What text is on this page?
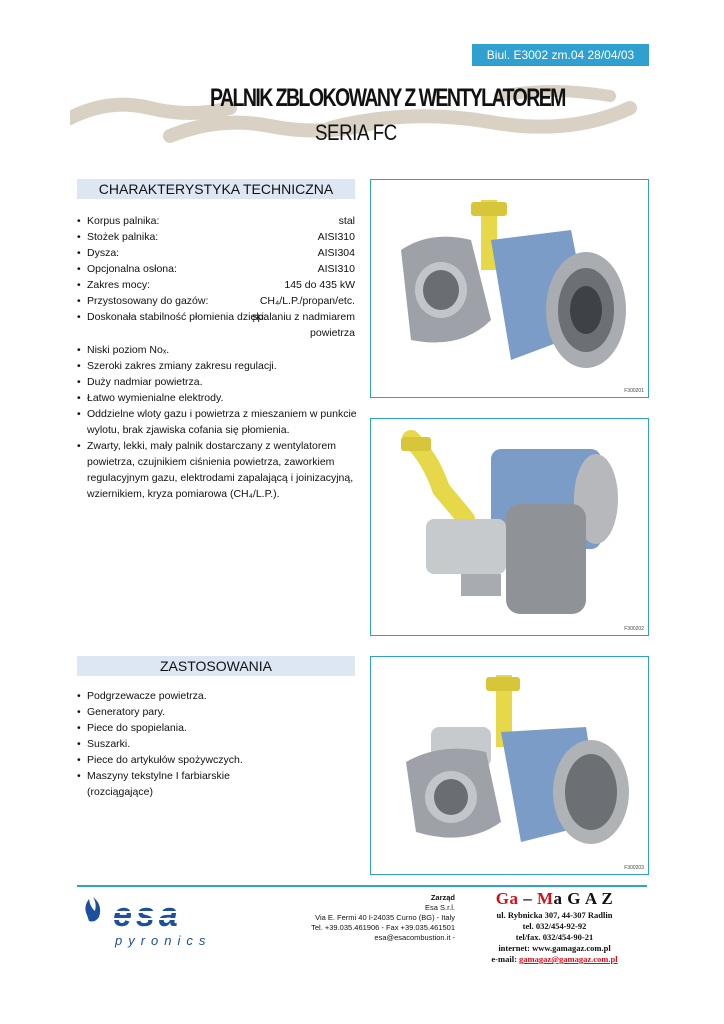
Biul. E3002 zm.04 28/04/03
PALNIK ZBLOKOWANY Z WENTYLATOREM
SERIA FC
CHARAKTERYSTYKA TECHNICZNA
• Korpus palnika:	stal
• Stożek palnika:	AISI310
• Dysza:	AISI304
• Opcjonalna osłona:	AISI310
• Zakres mocy:	145 do 435 kW
• Przystosowany do gazów:	CH₄/L.P./propan/etc.
• Doskonała stabilność płomienia dzięki:
spalaniu z nadmiarem
powietrza
• Niski poziom Noₓ.
• Szeroki zakres zmiany zakresu regulacji.
• Duży nadmiar powietrza.
• Łatwo wymienialne elektrody.
• Oddzielne wloty gazu i powietrza z mieszaniem w punkcie wylotu, brak zjawiska cofania się płomienia.
• Zwarty, lekki, mały palnik dostarczany z wentylatorem powietrza, czujnikiem ciśnienia powietrza, zaworkiem regulacyjnym gazu, elektrodami zapalającą i joinizacyjną, wziernikiem, kryza pomiarowa (CH₄/L.P.).
ZASTOSOWANIA
• Podgrzewacze powietrza.
• Generatory pary.
• Piece do spopielania.
• Suszarki.
• Piece do artykułów spożywczych.
• Maszyny tekstylne I farbiarskie (rozciągające)
F300201
F300202
F300203
esa
pyronics
Zarząd
Esa S.r.l.
Via E. Fermi 40 I-24035 Curno (BG) - Italy
Tel. +39.035.461906 - Fax +39.035.461501
esa@esacombustion.it -
Ga – Ma G A Z
ul. Rybnicka 307, 44-307 Radlin
tel. 032/454-92-92
tel/fax. 032/454-90-21
internet: www.gamagaz.com.pl
e-mail: gamagaz@gamagaz.com.pl
